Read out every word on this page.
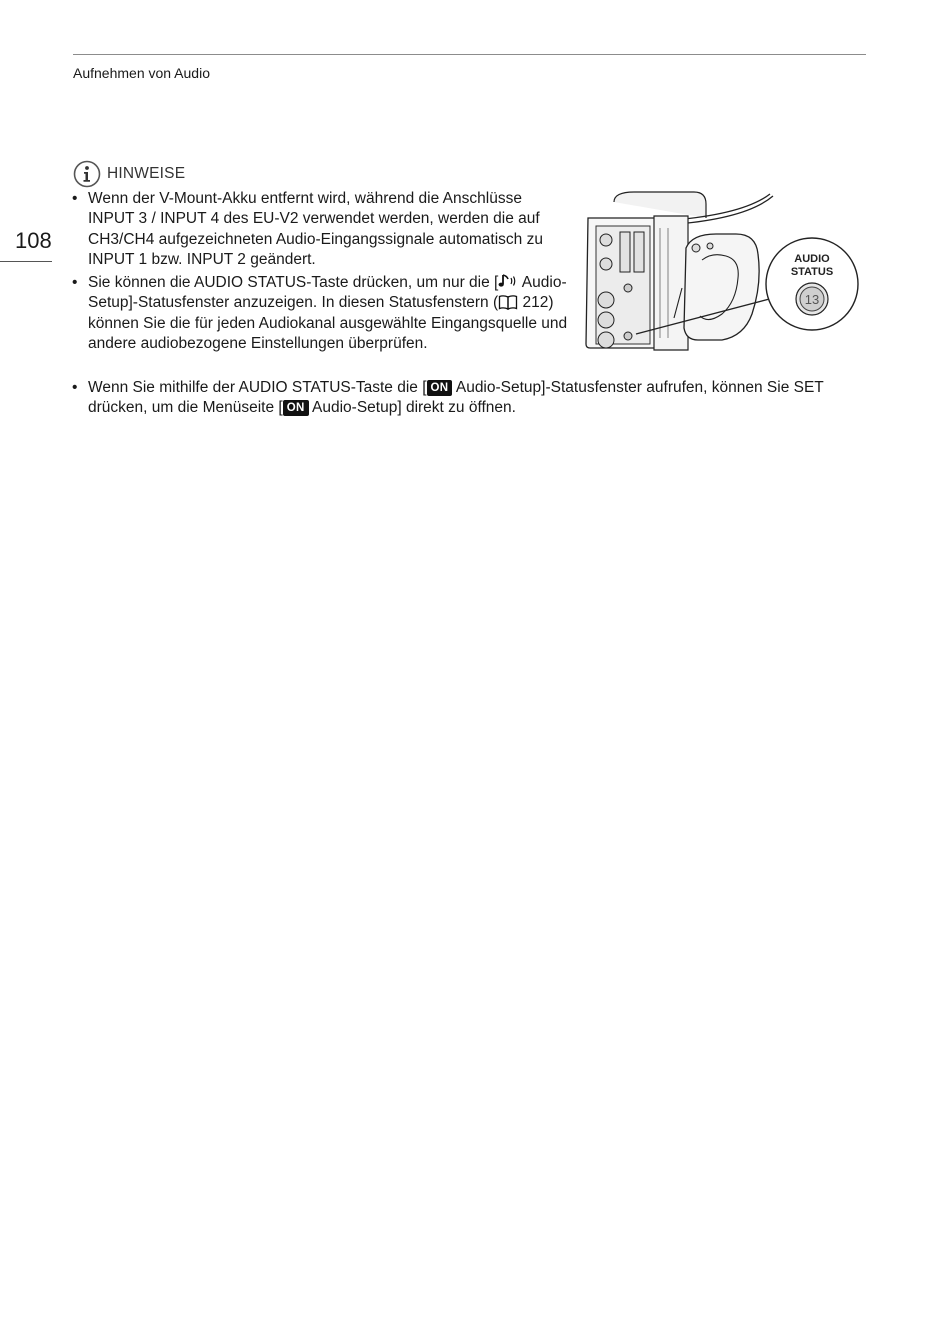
Aufnehmen von Audio
108
HINWEISE
• Wenn der V-Mount-Akku entfernt wird, während die Anschlüsse INPUT 3 / INPUT 4 des EU-V2 verwendet werden, werden die auf CH3/CH4 aufgezeichneten Audio-Eingangssignale automatisch zu INPUT 1 bzw. INPUT 2 geändert.
• Sie können die AUDIO STATUS-Taste drücken, um nur die [ Audio-Setup]-Statusfenster anzuzeigen. In diesen Statusfenstern ( 212) können Sie die für jeden Audiokanal ausgewählte Eingangsquelle und andere audiobezogene Einstellungen überprüfen.
• Wenn Sie mithilfe der AUDIO STATUS-Taste die [ ON Audio-Setup]-Statusfenster aufrufen, können Sie SET drücken, um die Menüseite [ ON Audio-Setup] direkt zu öffnen.
AUDIO
STATUS
13
